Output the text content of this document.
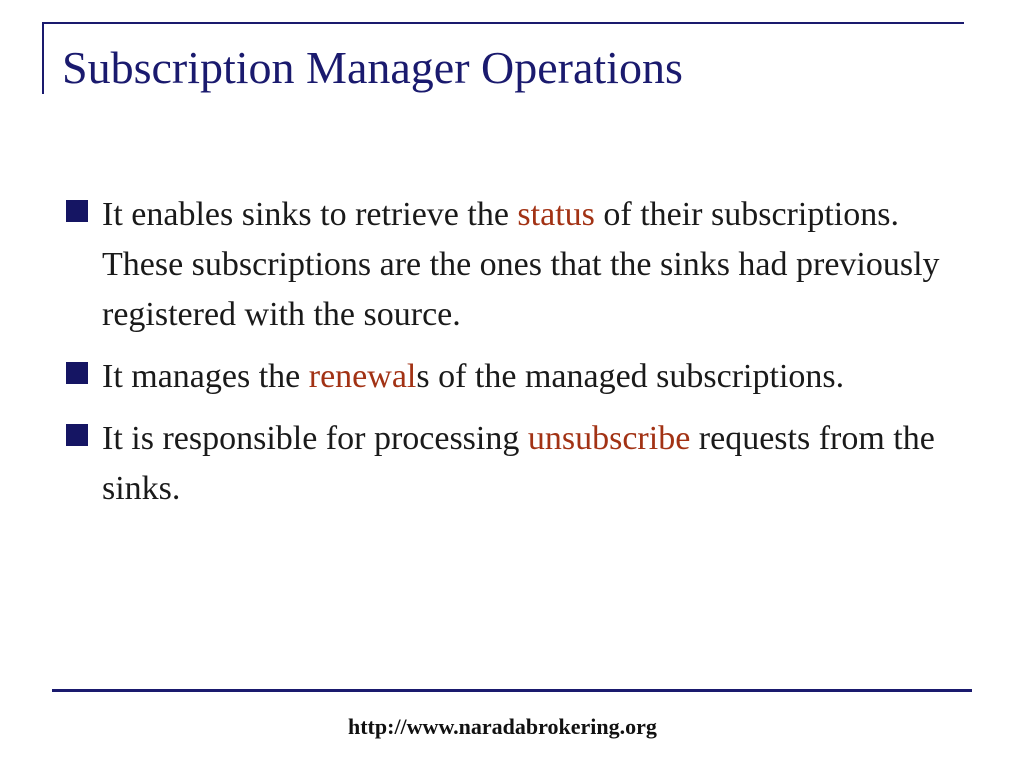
Subscription Manager Operations
It enables sinks to retrieve the status of their subscriptions. These subscriptions are the ones that the sinks had previously registered with the source.
It manages the renewals of the managed subscriptions.
It is responsible for processing unsubscribe requests from the sinks.
http://www.naradabrokering.org
